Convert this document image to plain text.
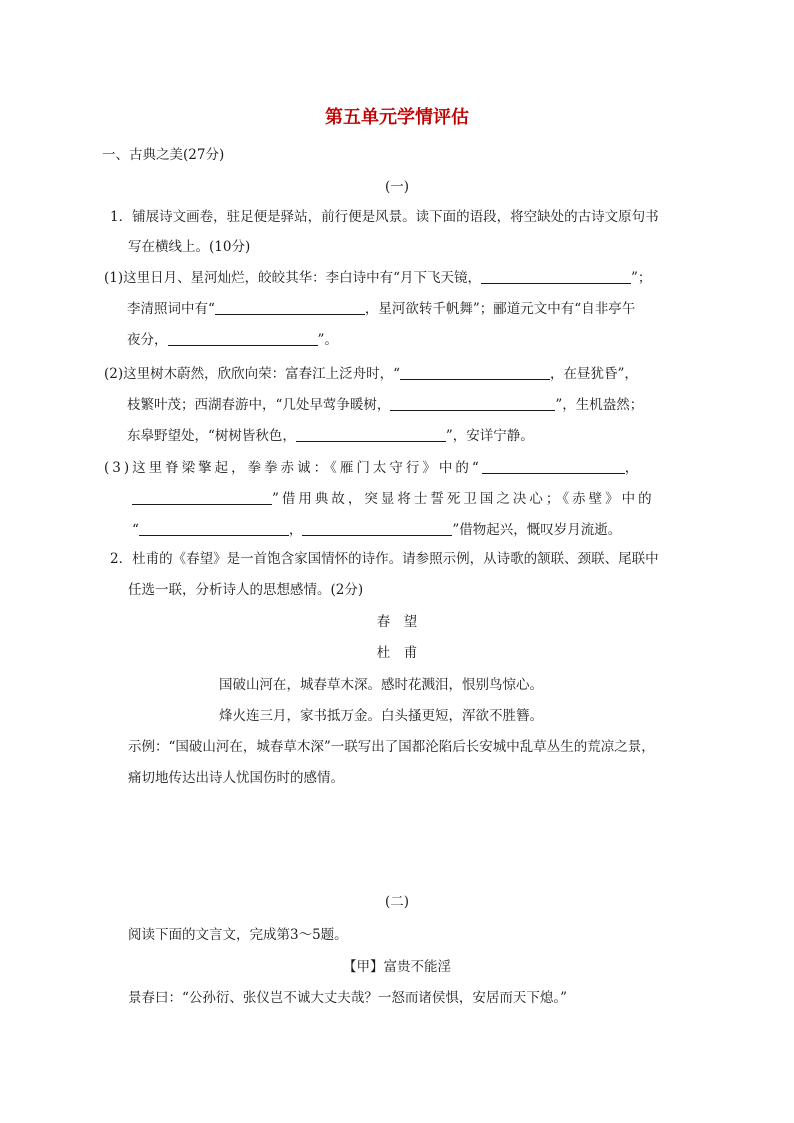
第五单元学情评估
一、古典之美(27分)
(一)
1．铺展诗文画卷，驻足便是驿站，前行便是风景。读下面的语段，将空缺处的古诗文原句书
写在横线上。(10分)
(1)这里日月、星河灿烂，皎皎其华：李白诗中有“月下飞天镜，	”；
李清照词中有“	，星河欲转千帆舞”；郦道元文中有“自非亭午
夜分，	”。
(2)这里树木蔚然，欣欣向荣：富春江上泛舟时，“	，在昼犹昏”，
枝繁叶茂；西湖春游中，“几处早莺争暖树，	”，生机盎然；
东皋野望处，“树树皆秋色，	”，安详宁静。
(3)这里脊梁擎起，拳拳赤诚：《雁门太守行》中的“	，
”借用典故，突显将士誓死卫国之决心；《赤壁》中的
“	，	”借物起兴，慨叹岁月流逝。
2．杜甫的《春望》是一首饱含家国情怀的诗作。请参照示例，从诗歌的颔联、颈联、尾联中
任选一联，分析诗人的思想感情。(2分)
春　望
杜　甫
国破山河在，城春草木深。感时花溅泪，恨别鸟惊心。
烽火连三月，家书抵万金。白头搔更短，浑欲不胜簪。
示例：“国破山河在，城春草木深”一联写出了国都沦陷后长安城中乱草丛生的荒凉之景，
痛切地传达出诗人忧国伤时的感情。
(二)
阅读下面的文言文，完成第3～5题。
【甲】富贵不能淫
景春曰：“公孙衍、张仪岂不诚大丈夫哉？一怒而诸侯惧，安居而天下熄。”
